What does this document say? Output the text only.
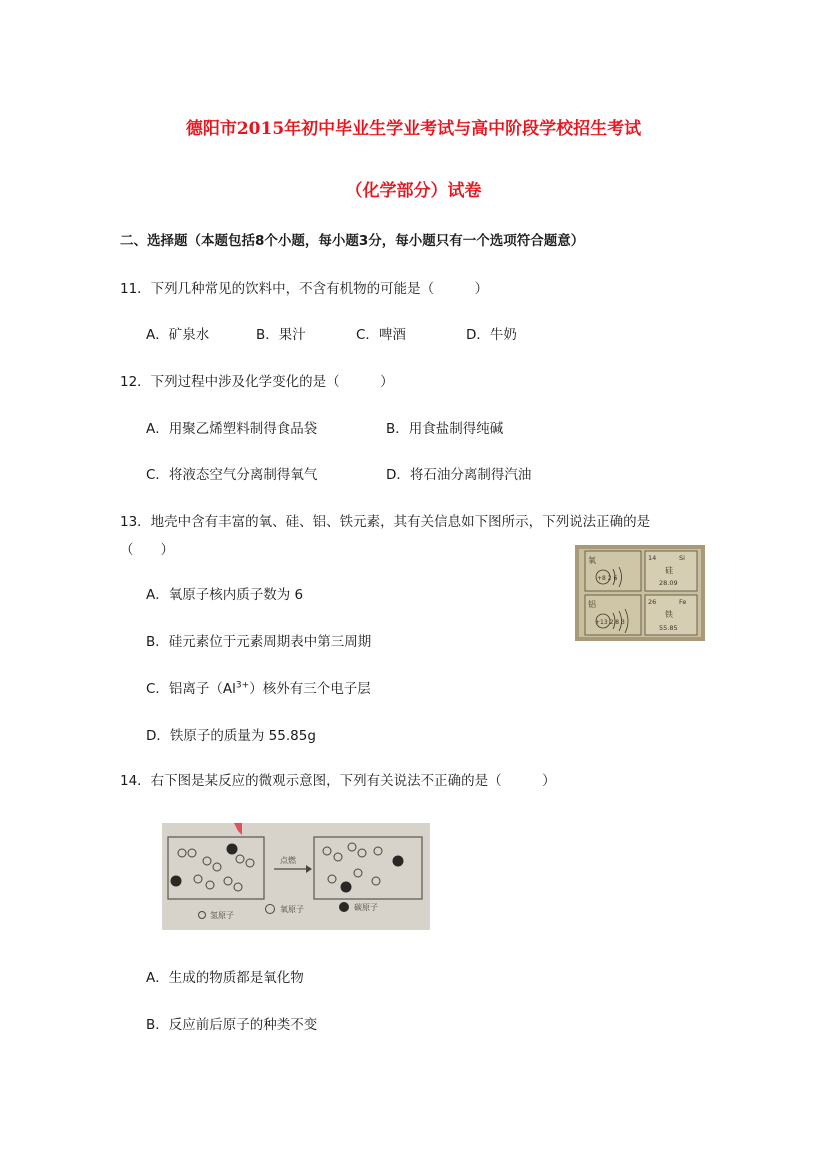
德阳市2015年初中毕业生学业考试与高中阶段学校招生考试
（化学部分）试卷
二、选择题（本题包括8个小题，每小题3分，每小题只有一个选项符合题意）
11．下列几种常见的饮料中，不含有机物的可能是（　　　）
A．矿泉水	B．果汁	C．啤酒	D．牛奶
12．下列过程中涉及化学变化的是（　　　）
A．用聚乙烯塑料制得食品袋	B．用食盐制得纯碱
C．将液态空气分离制得氧气	D．将石油分离制得汽油
13．地壳中含有丰富的氧、硅、铝、铁元素，其有关信息如下图所示，下列说法正确的是
（　　）
A．氧原子核内质子数为 6
B．硅元素位于元素周期表中第三周期
C．铝离子$(Al^{3+})$核外有三个电子层
D．铁原子的质量为 55.85g
氧
+8 2 6
14	Si
硅
28.09
铝
+13 2 8 3
26	Fe
铁
55.85
14．右下图是某反应的微观示意图，下列有关说法不正确的是（　　　）
点燃
氢原子
氧原子	碳原子
A．生成的物质都是氧化物
B．反应前后原子的种类不变
